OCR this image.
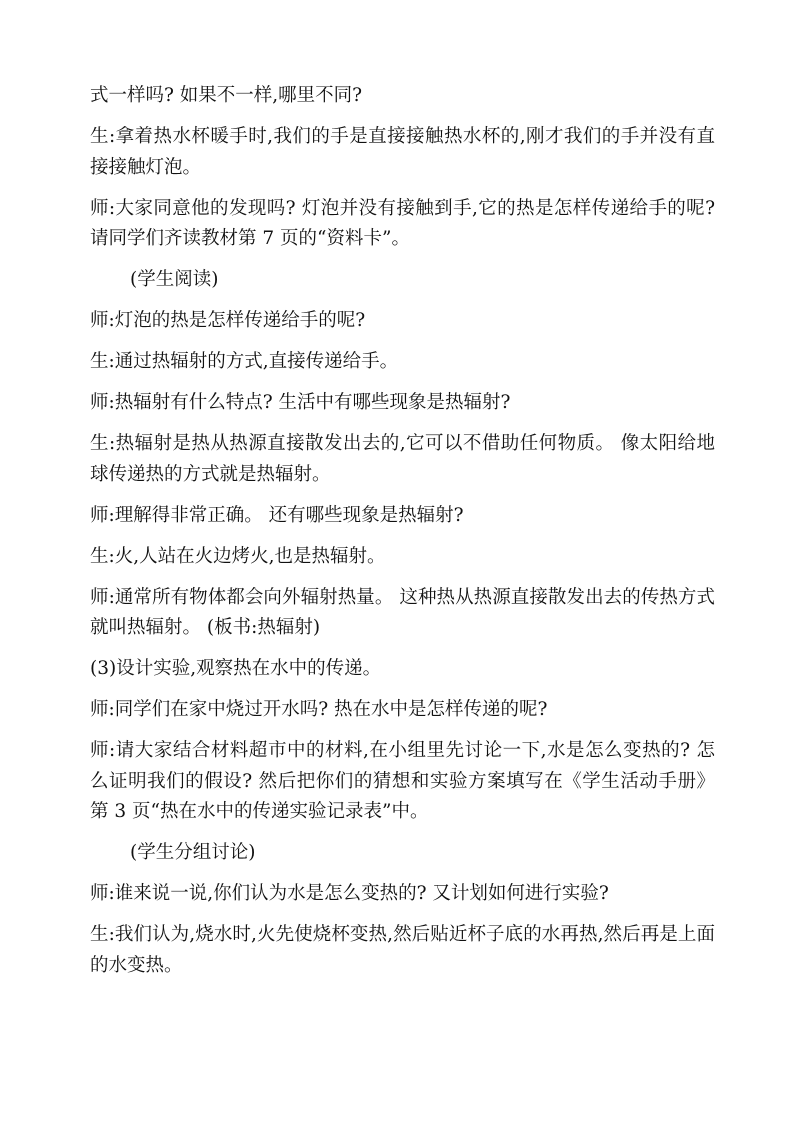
式一样吗? 如果不一样,哪里不同?

生:拿着热水杯暖手时,我们的手是直接接触热水杯的,刚才我们的手并没有直接接触灯泡。

师:大家同意他的发现吗? 灯泡并没有接触到手,它的热是怎样传递给手的呢? 请同学们齐读教材第 7 页的“资料卡”。

(学生阅读)

师:灯泡的热是怎样传递给手的呢?

生:通过热辐射的方式,直接传递给手。

师:热辐射有什么特点? 生活中有哪些现象是热辐射?

生:热辐射是热从热源直接散发出去的,它可以不借助任何物质。 像太阳给地球传递热的方式就是热辐射。

师:理解得非常正确。 还有哪些现象是热辐射?

生:火,人站在火边烤火,也是热辐射。

师:通常所有物体都会向外辐射热量。 这种热从热源直接散发出去的传热方式就叫热辐射。 (板书:热辐射)

(3)设计实验,观察热在水中的传递。

师:同学们在家中烧过开水吗? 热在水中是怎样传递的呢?

师:请大家结合材料超市中的材料,在小组里先讨论一下,水是怎么变热的? 怎么证明我们的假设? 然后把你们的猜想和实验方案填写在《学生活动手册》第 3 页“热在水中的传递实验记录表”中。

(学生分组讨论)

师:谁来说一说,你们认为水是怎么变热的? 又计划如何进行实验?

生:我们认为,烧水时,火先使烧杯变热,然后贴近杯子底的水再热,然后再是上面的水变热。
